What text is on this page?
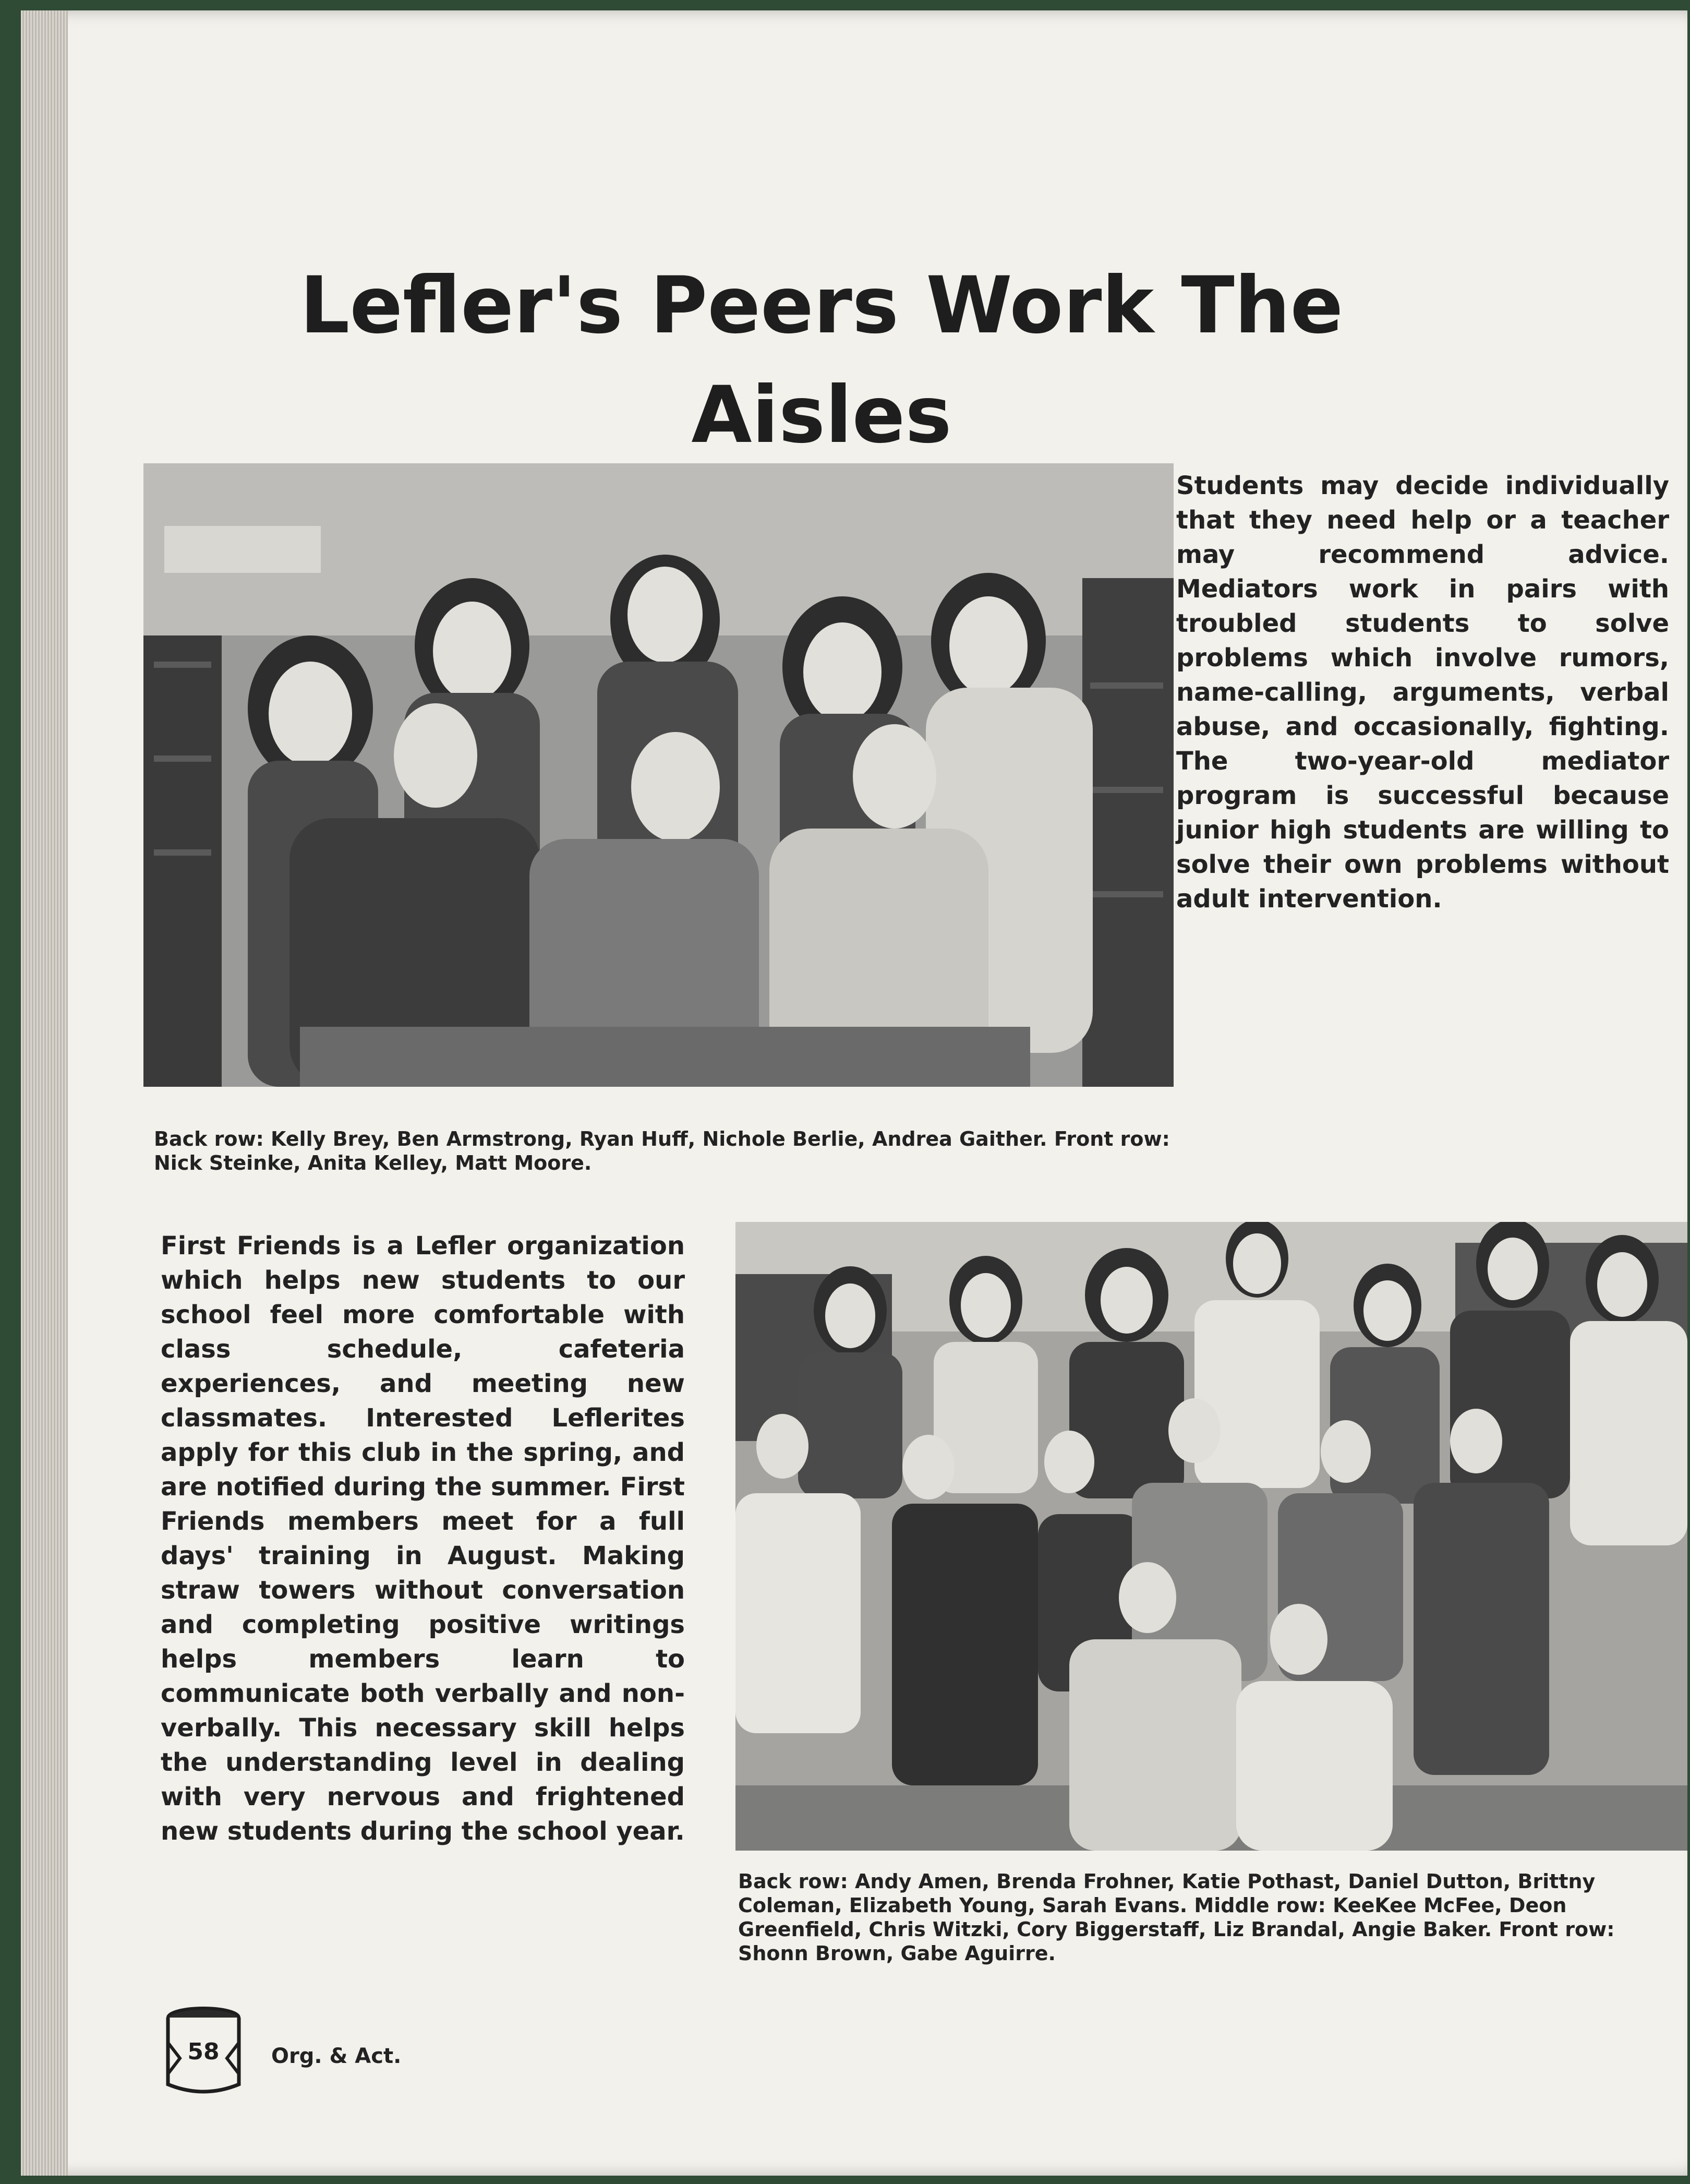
Lefler's Peers Work The Aisles

Students may decide individually that they need help or a teacher may recommend advice. Mediators work in pairs with troubled students to solve problems which involve rumors, name-calling, arguments, verbal abuse, and occasionally, fighting. The two-year-old mediator program is successful because junior high students are willing to solve their own problems without adult intervention.

Back row: Kelly Brey, Ben Armstrong, Ryan Huff, Nichole Berlie, Andrea Gaither. Front row: Nick Steinke, Anita Kelley, Matt Moore.

First Friends is a Lefler organization which helps new students to our school feel more comfortable with class schedule, cafeteria experiences, and meeting new classmates. Interested Leflerites apply for this club in the spring, and are notified during the summer. First Friends members meet for a full days' training in August. Making straw towers without conversation and completing positive writings helps members learn to communicate both verbally and non-verbally. This necessary skill helps the understanding level in dealing with very nervous and frightened new students during the school year.

Back row: Andy Amen, Brenda Frohner, Katie Pothast, Daniel Dutton, Brittny Coleman, Elizabeth Young, Sarah Evans. Middle row: KeeKee McFee, Deon Greenfield, Chris Witzki, Cory Biggerstaff, Liz Brandal, Angie Baker. Front row: Shonn Brown, Gabe Aguirre.

58	Org. & Act.
